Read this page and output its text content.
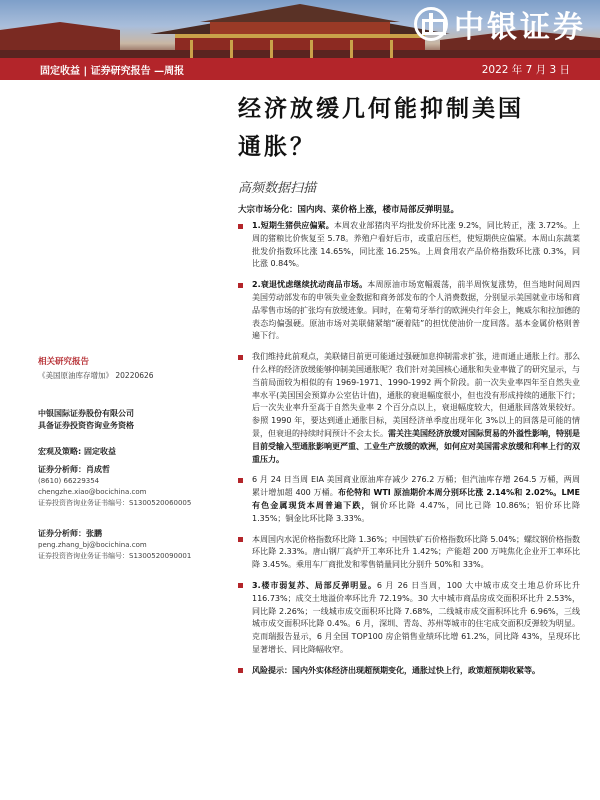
中银证券
固定收益 | 证券研究报告 —周报	2022 年 7 月 3 日
经济放缓几何能抑制美国
通胀？
高频数据扫描
大宗市场分化：国内肉、菜价格上涨，楼市局部反弹明显。
相关研究报告
《美国原油库存增加》 20220626
中银国际证券股份有限公司
具备证券投资咨询业务资格
宏观及策略: 固定收益
证券分析师：肖成哲
(8610) 66229354
chengzhe.xiao@bocichina.com
证券投资咨询业务证书编号：S1300520060005
证券分析师：张鹏
peng.zhang_bj@bocichina.com
证券投资咨询业务证书编号：S1300520090001
1.短期生猪供应偏紧。本周农业部猪肉平均批发价环比涨 9.2%，同比转正，涨 3.72%。上周的猪粮比价恢复至 5.78。养殖户看好后市，或重启压栏，使短期供应偏紧。本周山东蔬菜批发价指数环比涨 14.65%，同比涨 16.25%。上周食用农产品价格指数环比涨 0.3%，同比涨 0.84%。
2.衰退忧虑继续扰动商品市场。本周原油市场宽幅震荡，前半周恢复涨势，但当地时间周四美国劳动部发布的申领失业金数据和商务部发布的个人消费数据，分别显示美国就业市场和商品零售市场的扩张均有放缓迹象。同时，在菊苟牙举行的欧洲央行年会上，鲍威尔和拉加德的表态均偏强硬。原油市场对美联储紧缩“硬着陆”的担忧使油价一度回落。基本金属价格则普遍下行。
我们维持此前观点，美联储目前更可能通过强硬加息抑制需求扩张，进而通止通胀上行。那么什么样的经济放缓能够抑制美国通胀呢？我们针对美国核心通胀和失业率做了的研究显示，与当前局面较为相似的有 1969-1971、1990-1992 两个阶段。前一次失业率四年至自然失业率水平(美国国会预算办公室估计值)，通胀的衰退幅度很小，但也没有形成持续的通胀下行；后一次失业率升至高于自然失业率 2 个百分点以上，衰退幅度较大，但通胀回落效果较好。参照 1990 年，要达到通止通胀目标，美国经济单季度出现年化 3%以上的回落是可能的情景，但衰退的持续时间预计不会太长。需关注美国经济放缓对国际贸易的外溢性影响，特别是目前受输入型通胀影响更严重、工业生产放缓的欧洲，如何应对美国需求放缓和利率上行的双重压力。
6 月 24 日当周 EIA 美国商业原油库存减少 276.2 万桶；但汽油库存增 264.5 万桶，两周累计增加超 400 万桶。布伦特和 WTI 原油期价本周分别环比涨 2.14%和 2.02%。LME 有色金属现货本周普遍下跌，铜价环比降 4.47%，同比已降 10.86%；铝价环比降 1.35%；铜金比环比降 3.33%。
本周国内水泥价格指数环比降 1.36%；中国铁矿石价格指数环比降 5.04%；螺纹钢价格指数环比降 2.33%。唐山钢厂高炉开工率环比升 1.42%；产能超 200 万吨焦化企业开工率环比降 3.45%。乘用车厂商批发和零售销量同比分别升 50%和 33%。
3.楼市弱复苏、局部反弹明显。6 月 26 日当周，100 大中城市成交土地总价环比升 116.73%；成交土地溢价率环比升 72.19%。30 大中城市商品房成交面积环比升 2.53%，同比降 2.26%；一线城市成交面积环比降 7.68%，二线城市成交面积环比升 6.96%，三线城市成交面积环比降 0.4%。6 月，深圳、青岛、苏州等城市的住宅成交面积反弹较为明显。克而瑞报告显示，6 月全国 TOP100 房企销售业绩环比增 61.2%，同比降 43%，呈现环比显著增长、同比降幅收窄。
风险提示：国内外实体经济出现超预期变化，通胀过快上行，政策超预期收紧等。
